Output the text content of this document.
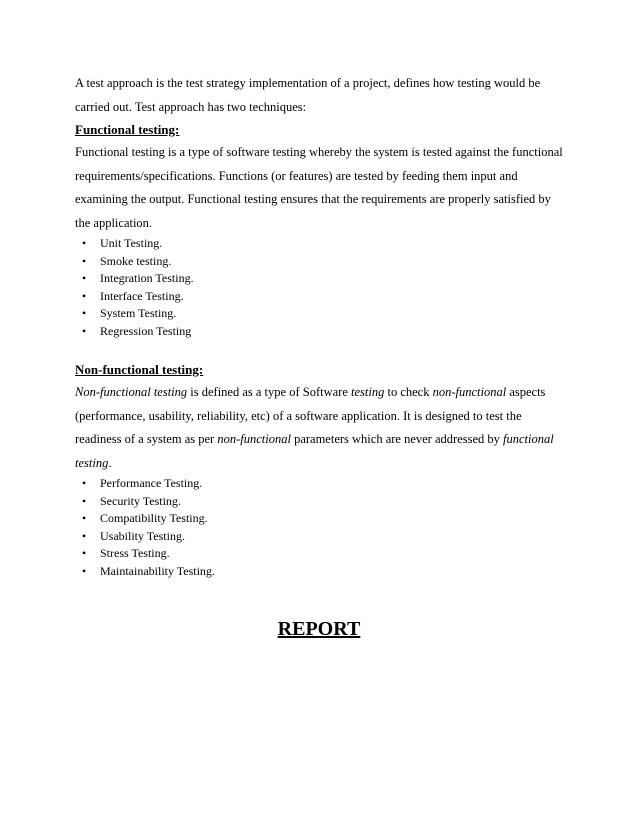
A test approach is the test strategy implementation of a project, defines how testing would be carried out. Test approach has two techniques:

Functional testing:

Functional testing is a type of software testing whereby the system is tested against the functional requirements/specifications. Functions (or features) are tested by feeding them input and examining the output. Functional testing ensures that the requirements are properly satisfied by the application.

• Unit Testing.
• Smoke testing.
• Integration Testing.
• Interface Testing.
• System Testing.
• Regression Testing

Non-functional testing:

Non-functional testing is defined as a type of Software testing to check non-functional aspects (performance, usability, reliability, etc) of a software application. It is designed to test the readiness of a system as per non-functional parameters which are never addressed by functional testing.

• Performance Testing.
• Security Testing.
• Compatibility Testing.
• Usability Testing.
• Stress Testing.
• Maintainability Testing.

REPORT
